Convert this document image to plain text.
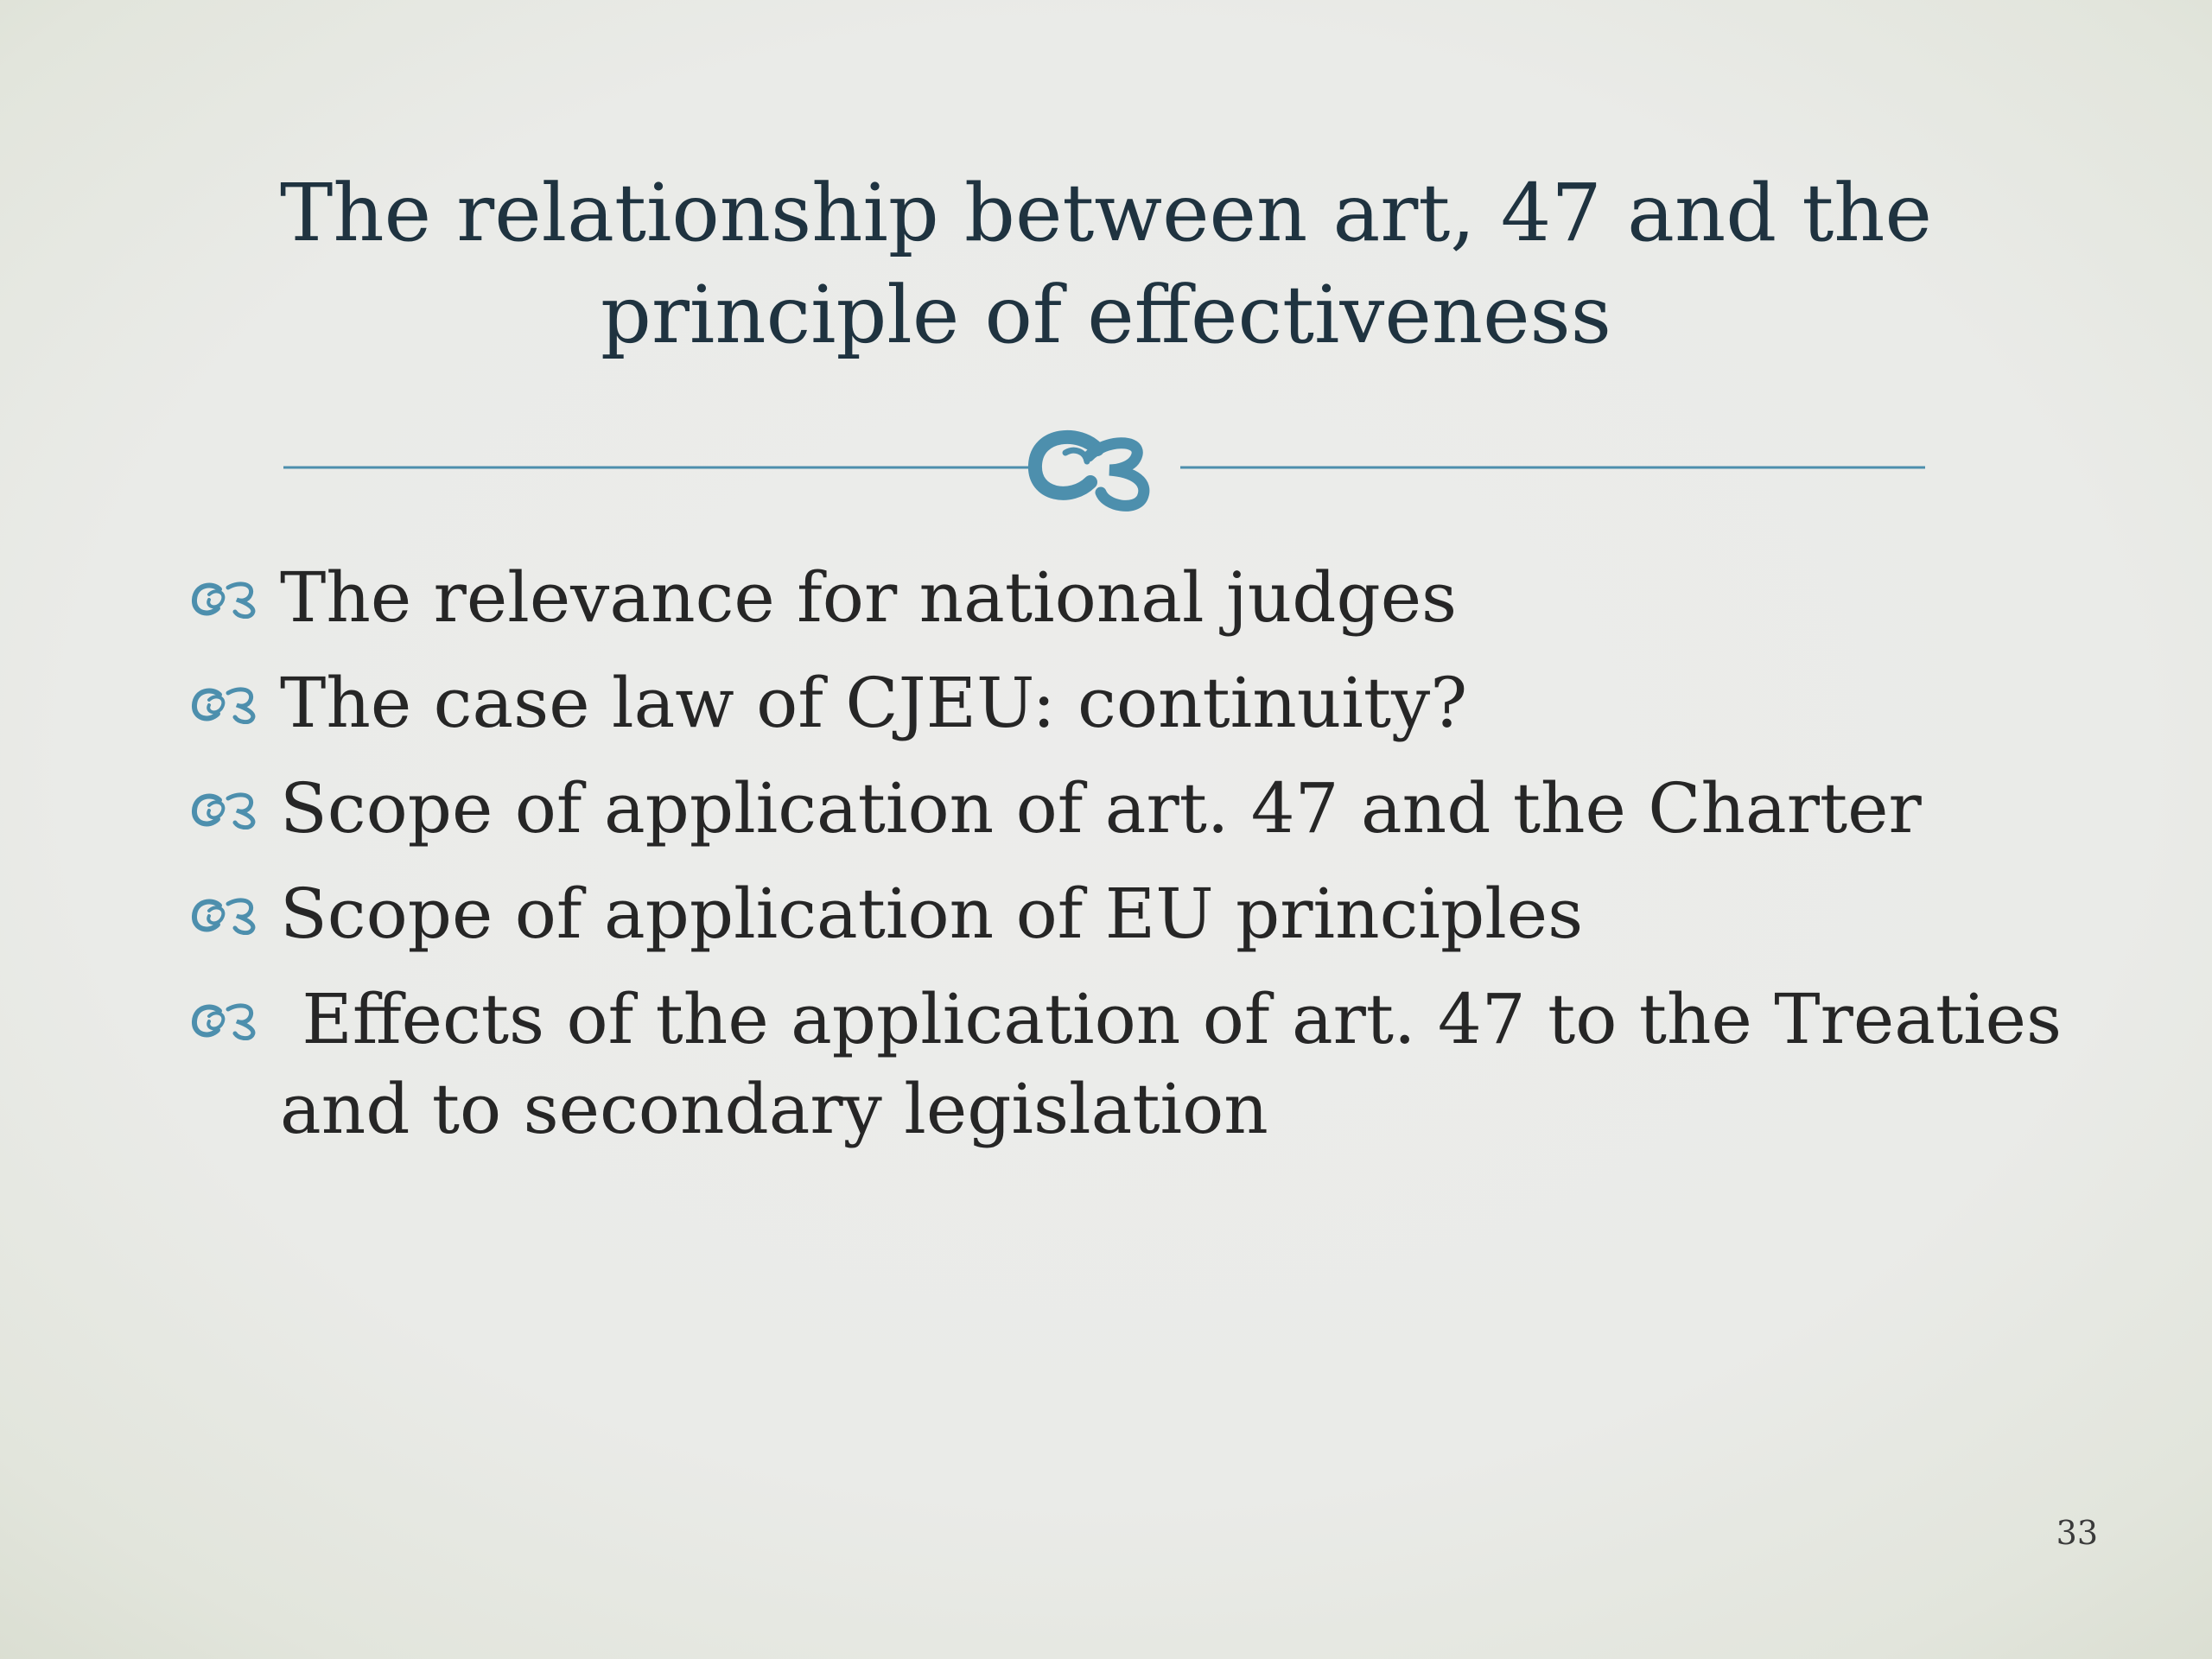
The relationship between art, 47 and the
principle of effectiveness
The relevance for national judges
The case law of CJEU: continuity?
Scope of application of art. 47 and the Charter
Scope of application of EU principles
Effects of the application of art. 47 to the Treaties
and to secondary legislation
33
